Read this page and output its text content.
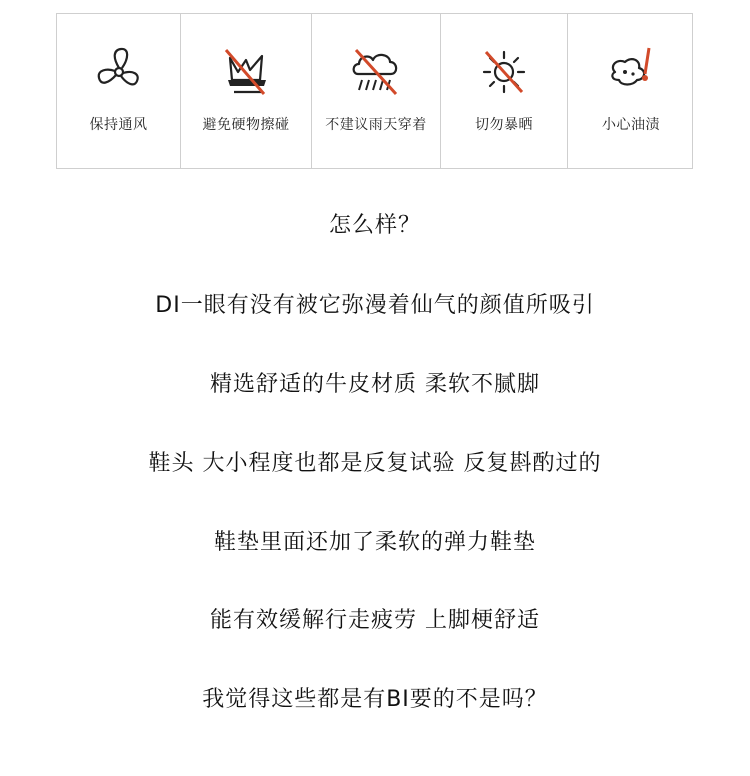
保持通风	避免硬物擦碰	不建议雨天穿着	切勿暴晒	小心油渍
怎么样？
DI一眼有没有被它弥漫着仙气的颜值所吸引
精选舒适的牛皮材质 柔软不腻脚
鞋头 大小程度也都是反复试验 反复斟酌过的
鞋垫里面还加了柔软的弹力鞋垫
能有效缓解行走疲劳 上脚梗舒适
我觉得这些都是有BI要的不是吗？
